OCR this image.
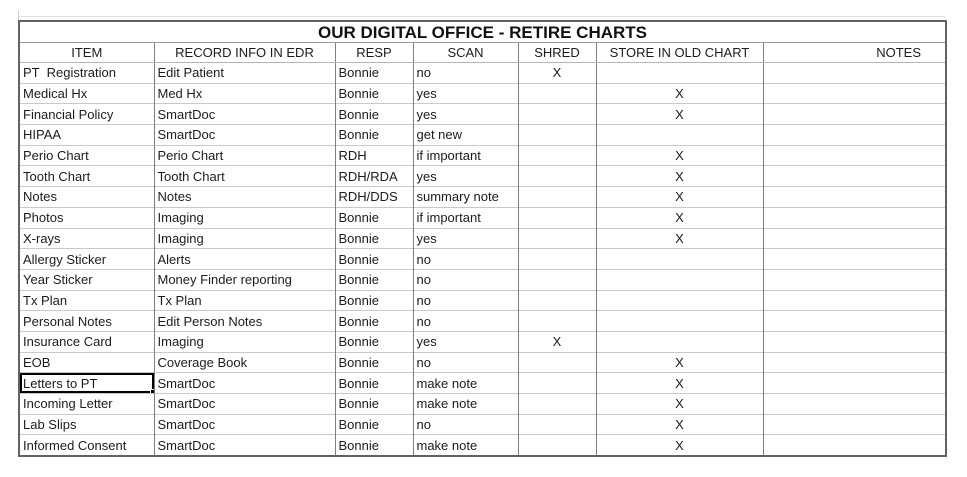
OUR DIGITAL OFFICE - RETIRE CHARTS						
ITEM	RECORD INFO IN EDR	RESP	SCAN	SHRED	STORE IN OLD CHART	NOTES
PT  Registration	Edit Patient	Bonnie	no	X		
Medical Hx	Med Hx	Bonnie	yes		X	
Financial Policy	SmartDoc	Bonnie	yes		X	
HIPAA	SmartDoc	Bonnie	get new			
Perio Chart	Perio Chart	RDH	if important		X	
Tooth Chart	Tooth Chart	RDH/RDA	yes		X	
Notes	Notes	RDH/DDS	summary note		X	
Photos	Imaging	Bonnie	if important		X	
X-rays	Imaging	Bonnie	yes		X	
Allergy Sticker	Alerts	Bonnie	no			
Year Sticker	Money Finder reporting	Bonnie	no			
Tx Plan	Tx Plan	Bonnie	no			
Personal Notes	Edit Person Notes	Bonnie	no			
Insurance Card	Imaging	Bonnie	yes	X		
EOB	Coverage Book	Bonnie	no		X	
Letters to PT	SmartDoc	Bonnie	make note		X	
Incoming Letter	SmartDoc	Bonnie	make note		X	
Lab Slips	SmartDoc	Bonnie	no		X	
Informed Consent	SmartDoc	Bonnie	make note		X	
